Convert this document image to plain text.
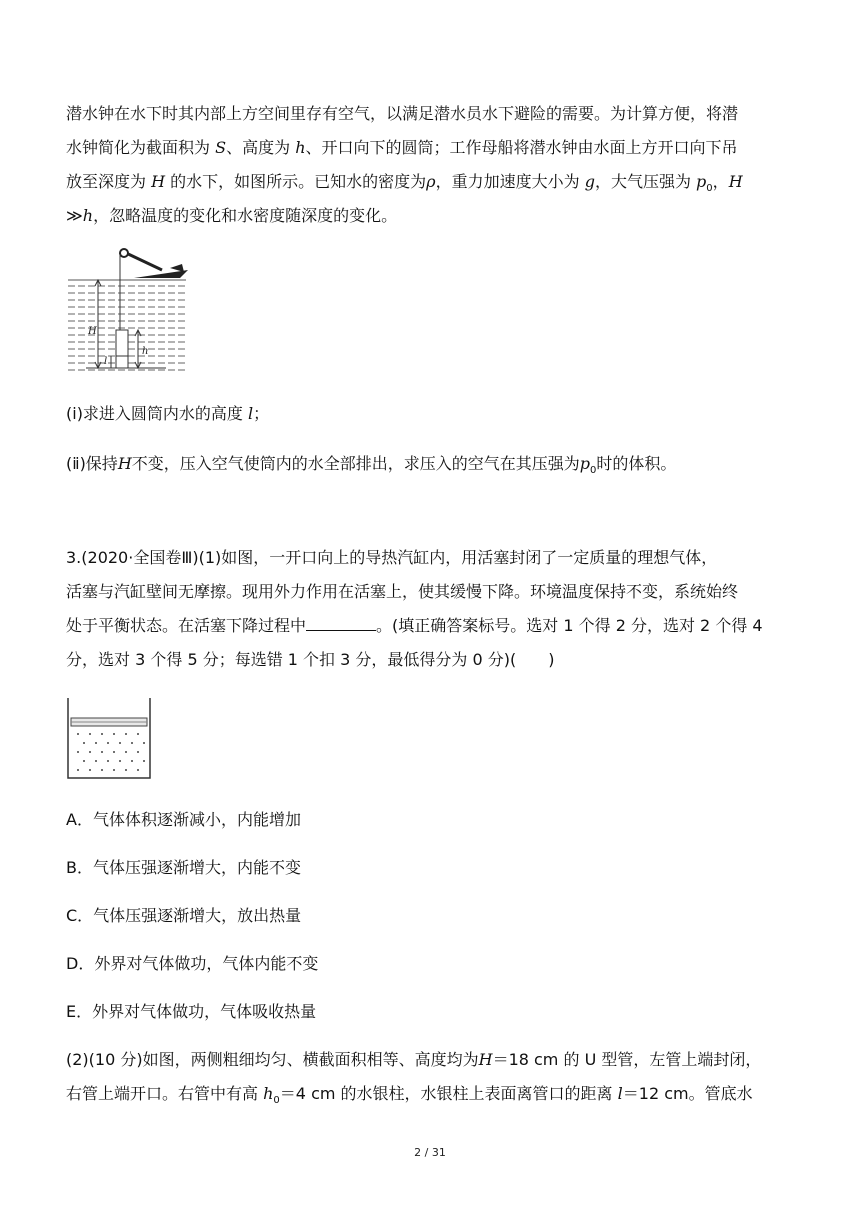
潜水钟在水下时其内部上方空间里存有空气，以满足潜水员水下避险的需要。为计算方便，将潜
水钟简化为截面积为 S、高度为 h、开口向下的圆筒；工作母船将潜水钟由水面上方开口向下吊
放至深度为 H 的水下，如图所示。已知水的密度为ρ，重力加速度大小为 g，大气压强为 $p_0$，H
≫h，忽略温度的变化和水密度随深度的变化。
H
h
l
(ⅰ)求进入圆筒内水的高度 l；
(ⅱ)保持H不变，压入空气使筒内的水全部排出，求压入的空气在其压强为$p_0$时的体积。
3.(2020·全国卷Ⅲ)(1)如图，一开口向上的导热汽缸内，用活塞封闭了一定质量的理想气体，
活塞与汽缸壁间无摩擦。现用外力作用在活塞上，使其缓慢下降。环境温度保持不变，系统始终
处于平衡状态。在活塞下降过程中	。(填正确答案标号。选对 1 个得 2 分，选对 2 个得 4
分，选对 3 个得 5 分；每选错 1 个扣 3 分，最低得分为 0 分)(　　)
A．气体体积逐渐减小，内能增加
B．气体压强逐渐增大，内能不变
C．气体压强逐渐增大，放出热量
D．外界对气体做功，气体内能不变
E．外界对气体做功，气体吸收热量
(2)(10 分)如图，两侧粗细均匀、横截面积相等、高度均为H＝18 cm 的 U 型管，左管上端封闭，
右管上端开口。右管中有高 $h_0=4$ cm 的水银柱，水银柱上表面离管口的距离 l＝12 cm。管底水
2 / 31
